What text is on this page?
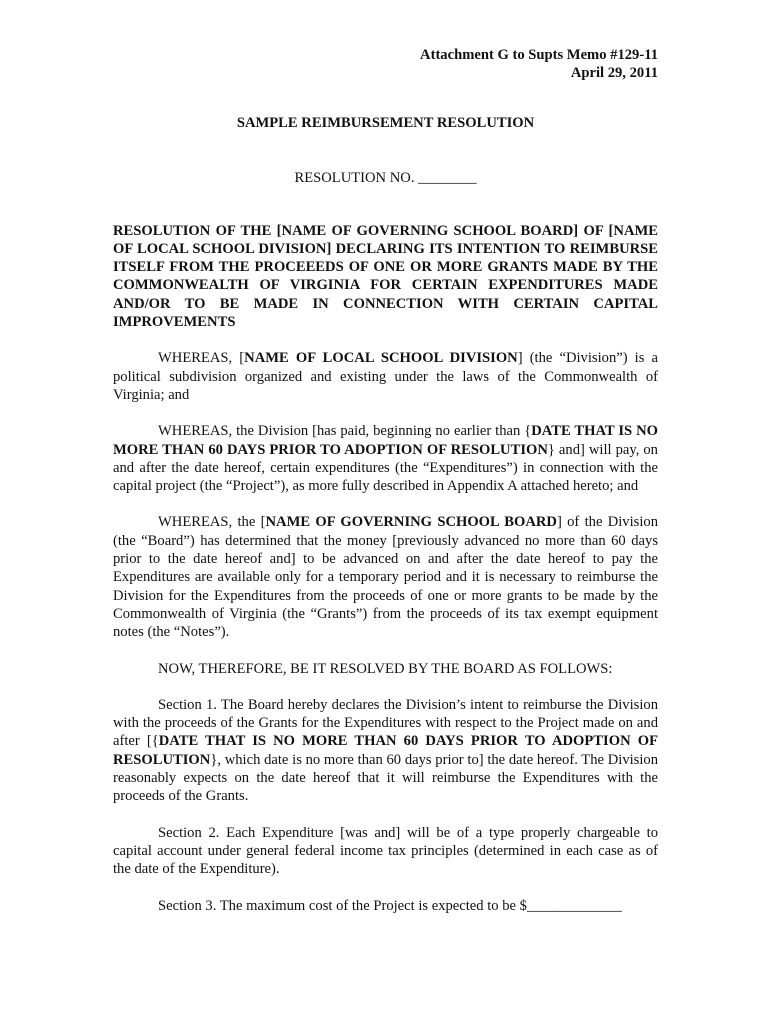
Attachment G to Supts Memo #129-11
April 29, 2011
SAMPLE REIMBURSEMENT RESOLUTION
RESOLUTION NO. ________
RESOLUTION OF THE [NAME OF GOVERNING SCHOOL BOARD] OF [NAME OF LOCAL SCHOOL DIVISION] DECLARING ITS INTENTION TO REIMBURSE ITSELF FROM THE PROCEEEDS OF ONE OR MORE GRANTS MADE BY THE COMMONWEALTH OF VIRGINIA FOR CERTAIN EXPENDITURES MADE AND/OR TO BE MADE IN CONNECTION WITH CERTAIN CAPITAL IMPROVEMENTS

WHEREAS, [NAME OF LOCAL SCHOOL DIVISION] (the “Division”) is a political subdivision organized and existing under the laws of the Commonwealth of Virginia; and

WHEREAS, the Division [has paid, beginning no earlier than {DATE THAT IS NO MORE THAN 60 DAYS PRIOR TO ADOPTION OF RESOLUTION} and] will pay, on and after the date hereof, certain expenditures (the “Expenditures”) in connection with the capital project (the “Project”), as more fully described in Appendix A attached hereto; and

WHEREAS, the [NAME OF GOVERNING SCHOOL BOARD] of the Division (the “Board”) has determined that the money [previously advanced no more than 60 days prior to the date hereof and] to be advanced on and after the date hereof to pay the Expenditures are available only for a temporary period and it is necessary to reimburse the Division for the Expenditures from the proceeds of one or more grants to be made by the Commonwealth of Virginia (the “Grants”) from the proceeds of its tax exempt equipment notes (the “Notes”).

NOW, THEREFORE, BE IT RESOLVED BY THE BOARD AS FOLLOWS:

Section 1. The Board hereby declares the Division’s intent to reimburse the Division with the proceeds of the Grants for the Expenditures with respect to the Project made on and after [{DATE THAT IS NO MORE THAN 60 DAYS PRIOR TO ADOPTION OF RESOLUTION}, which date is no more than 60 days prior to] the date hereof. The Division reasonably expects on the date hereof that it will reimburse the Expenditures with the proceeds of the Grants.

Section 2. Each Expenditure [was and] will be of a type properly chargeable to capital account under general federal income tax principles (determined in each case as of the date of the Expenditure).

Section 3. The maximum cost of the Project is expected to be $_____________
